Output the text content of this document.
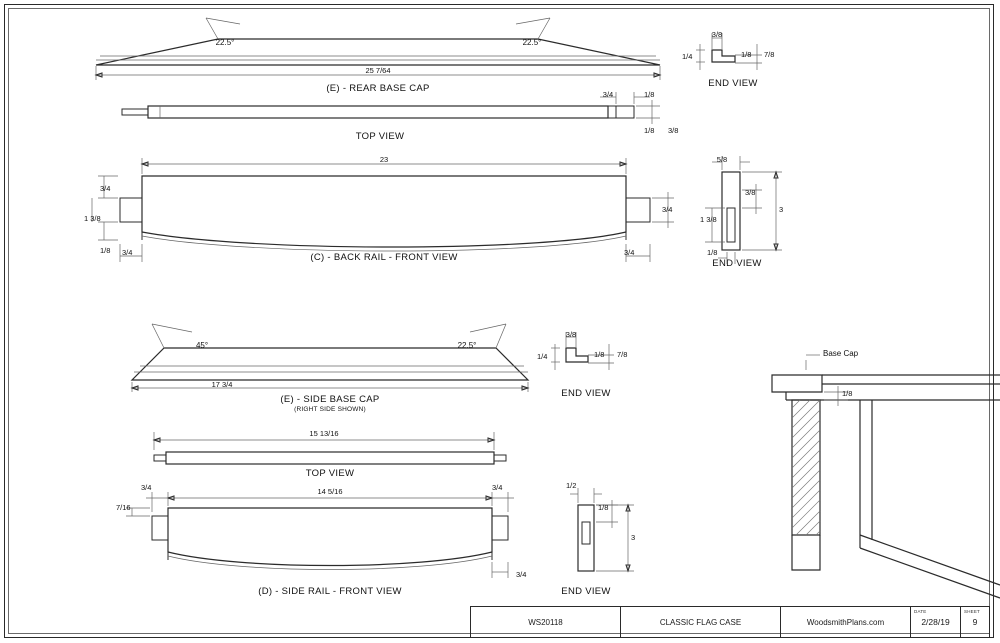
22.5°	22.5°
25 7/64
(E) - REAR BASE CAP
3/8
1/8 7/8
1/4
END VIEW
3/4	1/8
1/8 3/8
TOP VIEW
23
3/4
1 3/8
1/8 3/4	3/4
3/4
(C) - BACK RAIL - FRONT VIEW
5/8
3/8
3
1 3/8
1/8
END VIEW
45°	22.5°
17 3/4
(E) - SIDE BASE CAP
(RIGHT SIDE SHOWN)
3/8
1/8 7/8
1/4
END VIEW
15 13/16
TOP VIEW
3/4	14 5/16	3/4
7/16
3/4
(D) - SIDE RAIL - FRONT VIEW
1/2
1/8
3
END VIEW
Base Cap
1/8
WS20118	CLASSIC FLAG CASE	WoodsmithPlans.com
DATE
2/28/19
SHEET
9
